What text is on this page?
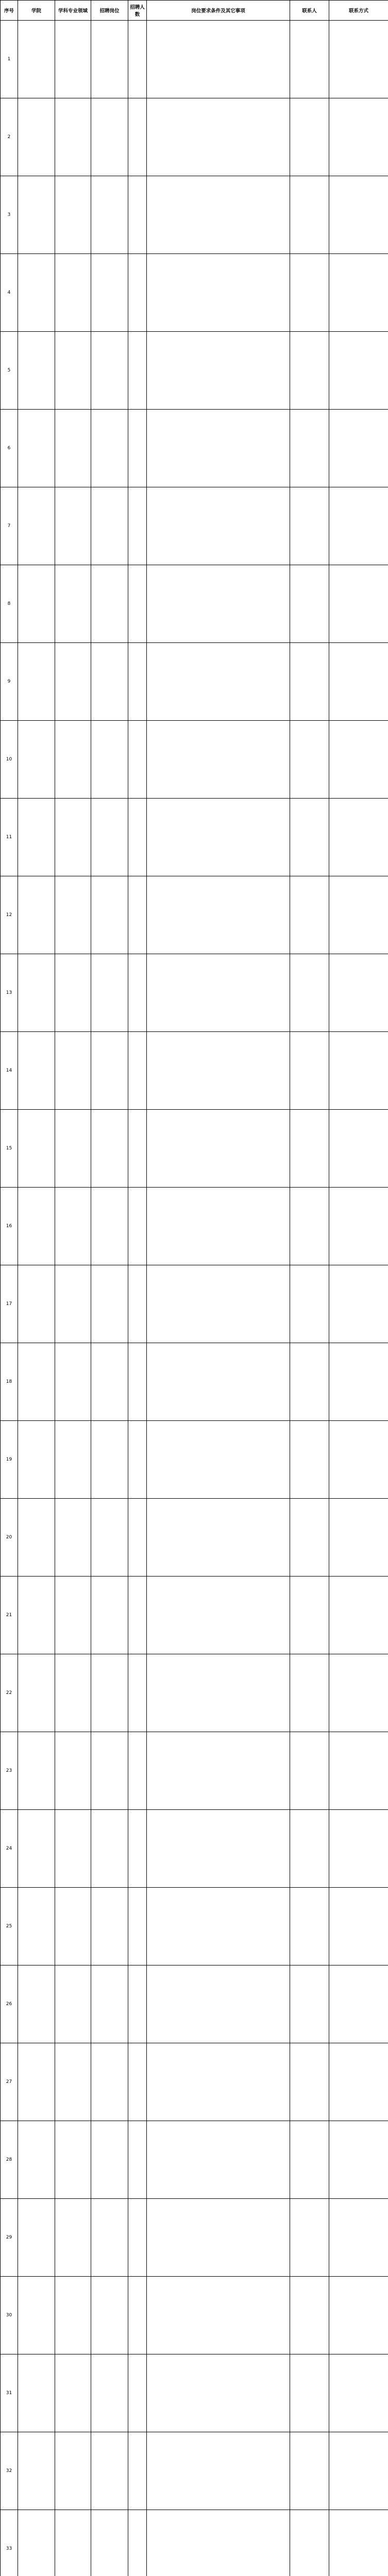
序号	学院	学科专业领域	招聘岗位	招聘人数	岗位要求条件及其它事项	联系人	联系方式
1							
2							
3							
4							
5							
6							
7							
8							
9							
10							
11							
12							
13							
14							
15							
16							
17							
18							
19							
20							
21							
22							
23							
24							
25							
26							
27							
28							
29							
30							
31							
32							
33							
